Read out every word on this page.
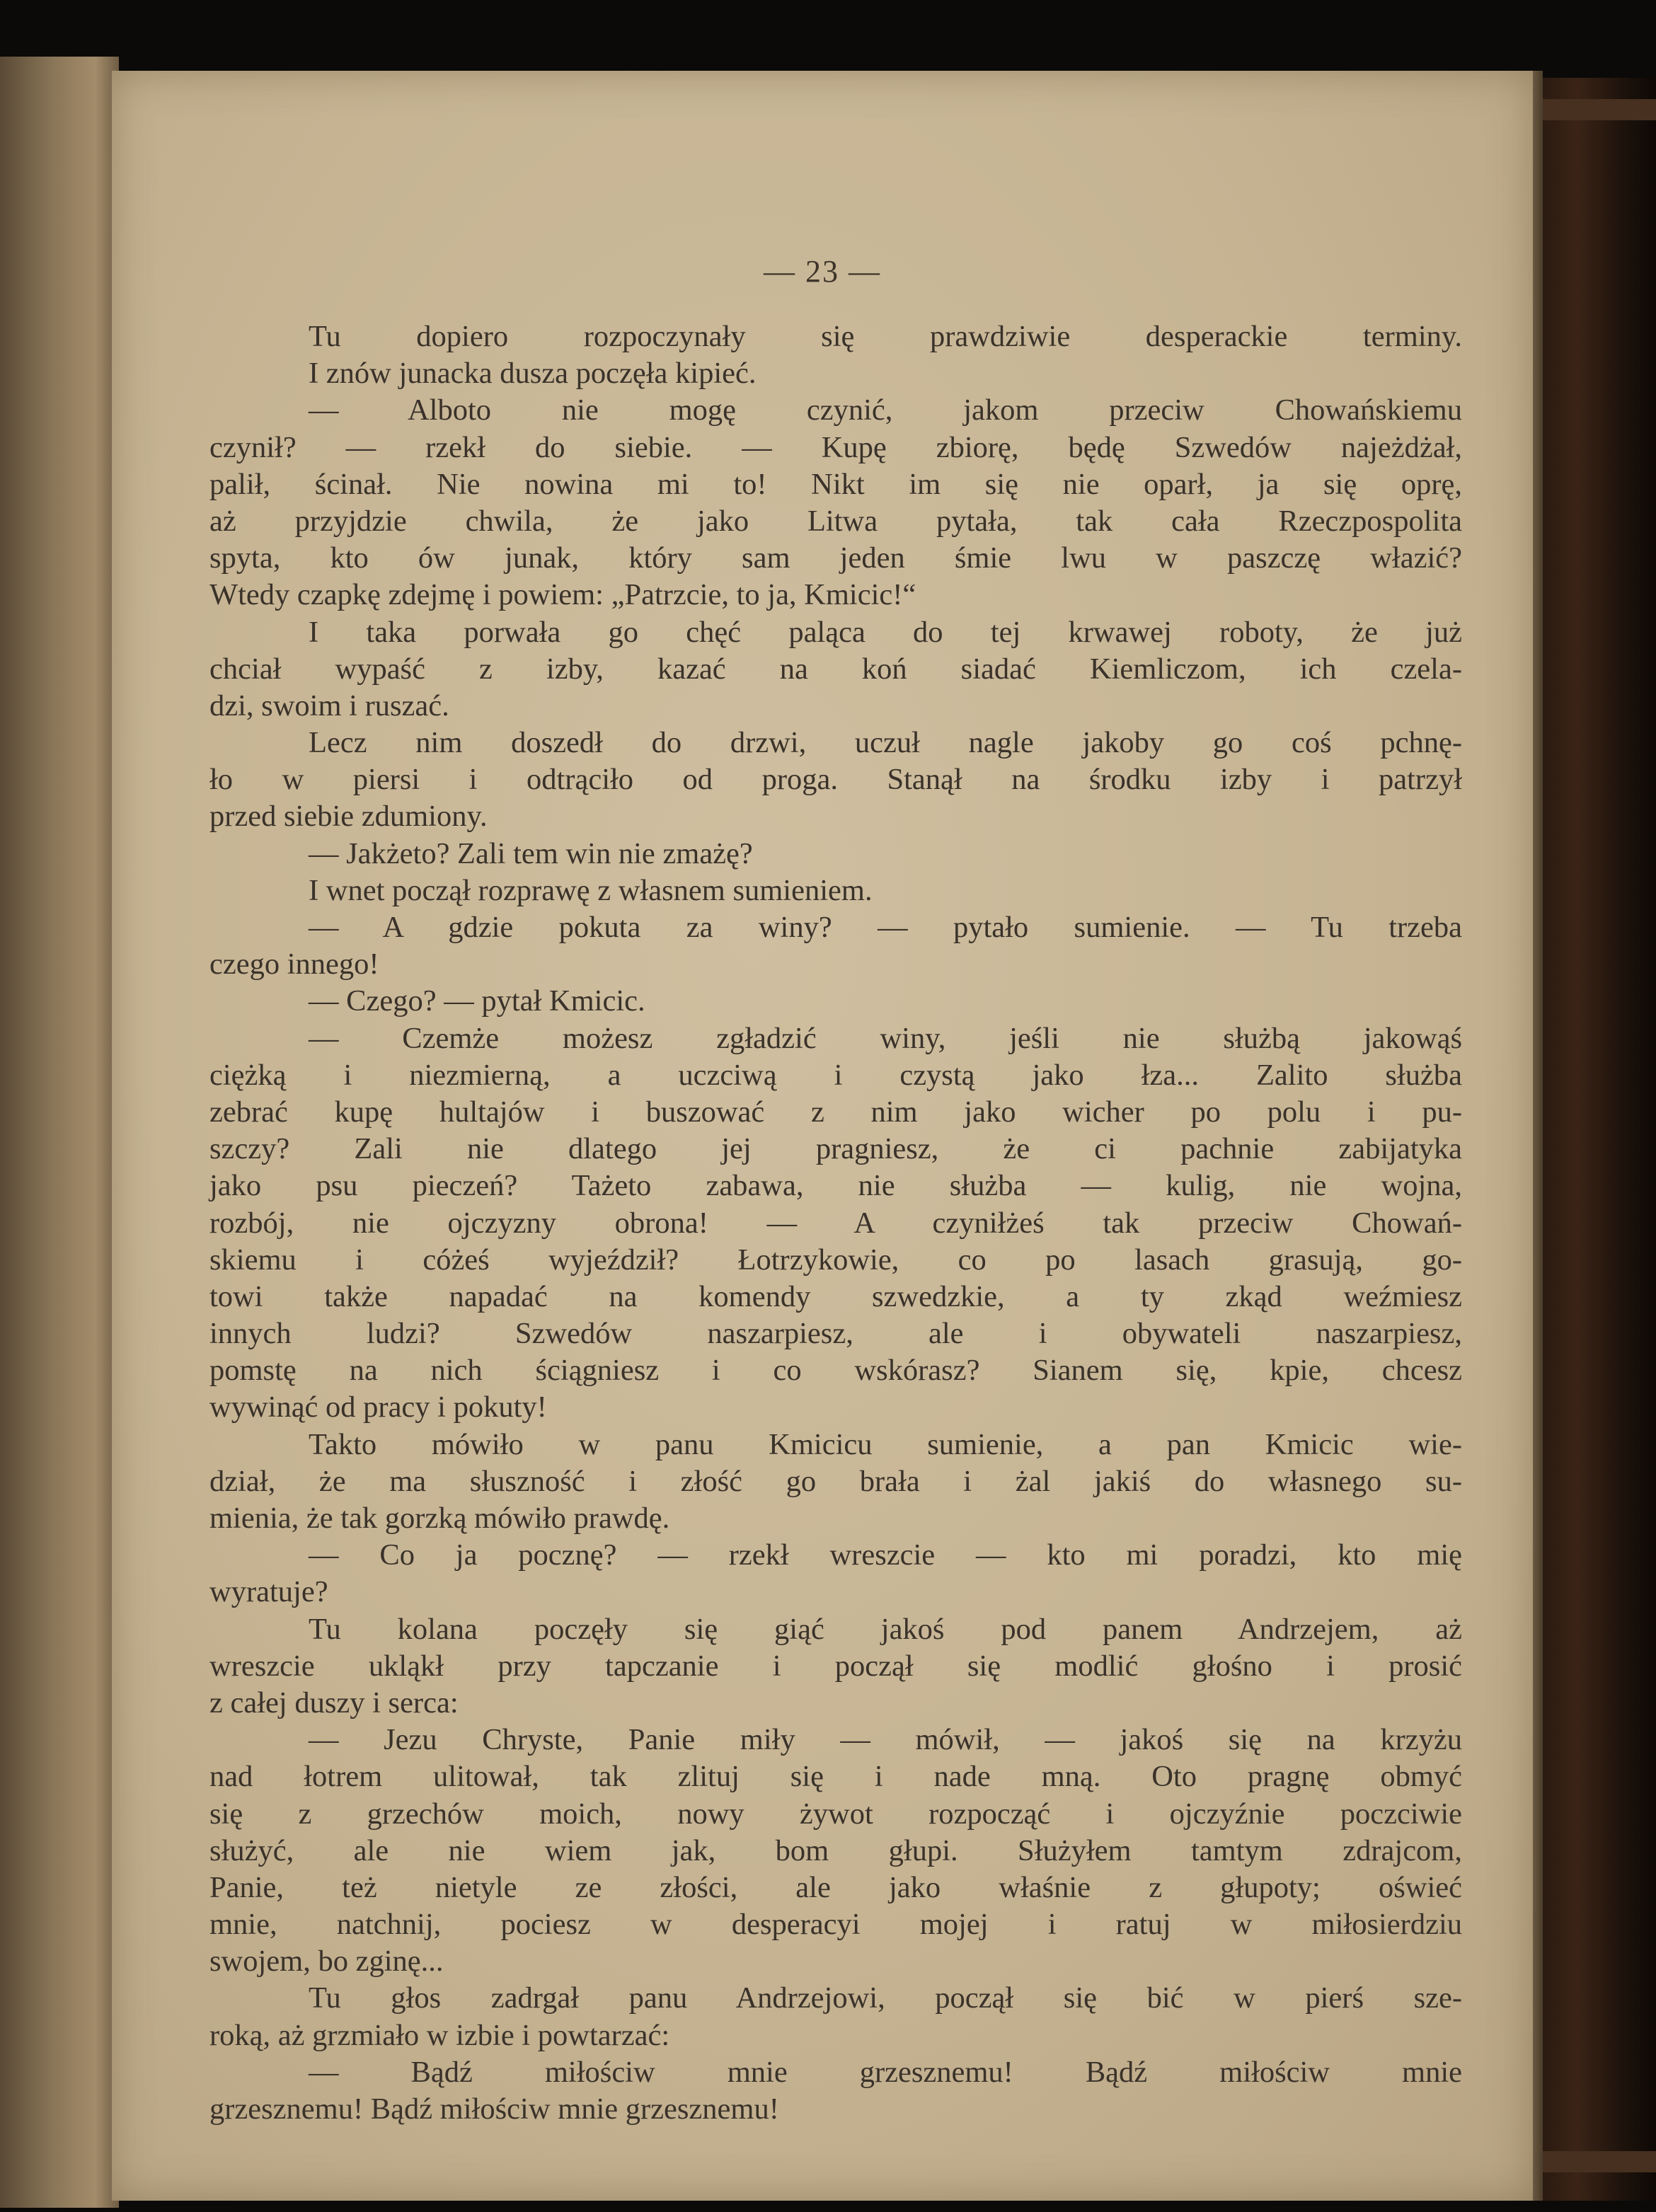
— 23 —
Tu dopiero rozpoczynały się prawdziwie desperackie terminy.
I znów junacka dusza poczęła kipieć.
— Alboto nie mogę czynić, jakom przeciw Chowańskiemu
czynił? — rzekł do siebie. — Kupę zbiorę, będę Szwedów najeżdżał,
palił, ścinał. Nie nowina mi to! Nikt im się nie oparł, ja się oprę,
aż przyjdzie chwila, że jako Litwa pytała, tak cała Rzeczpospolita
spyta, kto ów junak, który sam jeden śmie lwu w paszczę włazić?
Wtedy czapkę zdejmę i powiem: „Patrzcie, to ja, Kmicic!“
I taka porwała go chęć paląca do tej krwawej roboty, że już
chciał wypaść z izby, kazać na koń siadać Kiemliczom, ich czela-
dzi, swoim i ruszać.
Lecz nim doszedł do drzwi, uczuł nagle jakoby go coś pchnę-
ło w piersi i odtrąciło od proga. Stanął na środku izby i patrzył
przed siebie zdumiony.
— Jakżeto? Zali tem win nie zmażę?
I wnet począł rozprawę z własnem sumieniem.
— A gdzie pokuta za winy? — pytało sumienie. — Tu trzeba
czego innego!
— Czego? — pytał Kmicic.
— Czemże możesz zgładzić winy, jeśli nie służbą jakowąś
ciężką i niezmierną, a uczciwą i czystą jako łza... Zalito służba
zebrać kupę hultajów i buszować z nim jako wicher po polu i pu-
szczy? Zali nie dlatego jej pragniesz, że ci pachnie zabijatyka
jako psu pieczeń? Tażeto zabawa, nie służba — kulig, nie wojna,
rozbój, nie ojczyzny obrona! — A czyniłżeś tak przeciw Chowań-
skiemu i cóżeś wyjeździł? Łotrzykowie, co po lasach grasują, go-
towi także napadać na komendy szwedzkie, a ty zkąd weźmiesz
innych ludzi? Szwedów naszarpiesz, ale i obywateli naszarpiesz,
pomstę na nich ściągniesz i co wskórasz? Sianem się, kpie, chcesz
wywinąć od pracy i pokuty!
Takto mówiło w panu Kmicicu sumienie, a pan Kmicic wie-
dział, że ma słuszność i złość go brała i żal jakiś do własnego su-
mienia, że tak gorzką mówiło prawdę.
— Co ja pocznę? — rzekł wreszcie — kto mi poradzi, kto mię
wyratuje?
Tu kolana poczęły się giąć jakoś pod panem Andrzejem, aż
wreszcie ukląkł przy tapczanie i począł się modlić głośno i prosić
z całej duszy i serca:
— Jezu Chryste, Panie miły — mówił, — jakoś się na krzyżu
nad łotrem ulitował, tak zlituj się i nade mną. Oto pragnę obmyć
się z grzechów moich, nowy żywot rozpocząć i ojczyźnie poczciwie
służyć, ale nie wiem jak, bom głupi. Służyłem tamtym zdrajcom,
Panie, też nietyle ze złości, ale jako właśnie z głupoty; oświeć
mnie, natchnij, pociesz w desperacyi mojej i ratuj w miłosierdziu
swojem, bo zginę...
Tu głos zadrgał panu Andrzejowi, począł się bić w pierś sze-
roką, aż grzmiało w izbie i powtarzać:
— Bądź miłościw mnie grzesznemu! Bądź miłościw mnie
grzesznemu! Bądź miłościw mnie grzesznemu!
